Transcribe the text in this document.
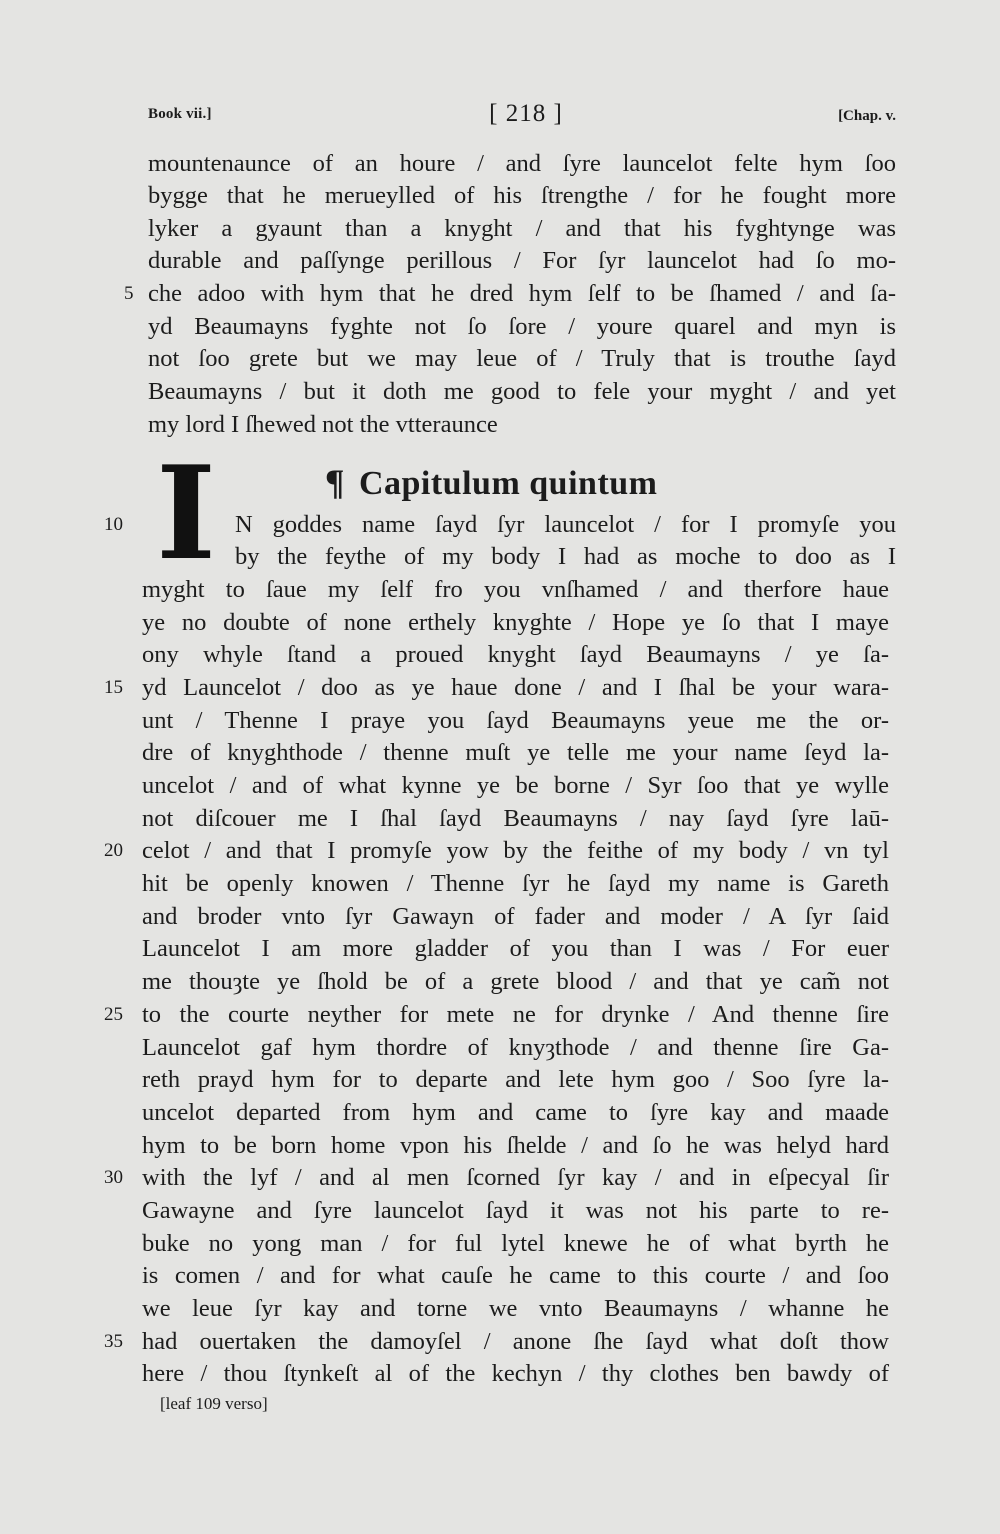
Book vii.]	[ 218 ]	[Chap. v.
¶ Capitulum quintum
I
mountenaunce of an houre / and ſyre launcelot felte hym ſoo
bygge that he merueylled of his ſtrengthe / for he fought more
lyker a gyaunt than a knyght / and that his fyghtynge was
durable and paſſynge perillous / For ſyr launcelot had ſo mo-
che adoo with hym that he dred hym ſelf to be ſhamed / and ſa-
5
yd Beaumayns fyghte not ſo ſore / youre quarel and myn is
not ſoo grete but we may leue of / Truly that is trouthe ſayd
Beaumayns / but it doth me good to fele your myght / and yet
my lord I ſhewed not the vtteraunce
N goddes name ſayd ſyr launcelot / for I promyſe you
10
by the feythe of my body I had as moche to doo as I
myght to ſaue my ſelf fro you vnſhamed / and therfore haue
ye no doubte of none erthely knyghte / Hope ye ſo that I maye
ony whyle ſtand a proued knyght ſayd Beaumayns / ye ſa-
yd Launcelot / doo as ye haue done / and I ſhal be your wara-
15
unt / Thenne I praye you ſayd Beaumayns yeue me the or-
dre of knyghthode / thenne muſt ye telle me your name ſeyd la-
uncelot / and of what kynne ye be borne / Syr ſoo that ye wylle
not diſcouer me I ſhal ſayd Beaumayns / nay ſayd ſyre laū-
celot / and that I promyſe yow by the feithe of my body / vn tyl
20
hit be openly knowen / Thenne ſyr he ſayd my name is Gareth
and broder vnto ſyr Gawayn of fader and moder / A ſyr ſaid
Launcelot I am more gladder of you than I was / For euer
me thouȝte ye ſhold be of a grete blood / and that ye cam̃ not
to the courte neyther for mete ne for drynke / And thenne ſire
25
Launcelot gaf hym thordre of knyȝthode / and thenne ſire Ga-
reth prayd hym for to departe and lete hym goo / Soo ſyre la-
uncelot departed from hym and came to ſyre kay and maade
hym to be born home vpon his ſhelde / and ſo he was helyd hard
with the lyf / and al men ſcorned ſyr kay / and in eſpecyal ſir
30
Gawayne and ſyre launcelot ſayd it was not his parte to re-
buke no yong man / for ful lytel knewe he of what byrth he
is comen / and for what cauſe he came to this courte / and ſoo
we leue ſyr kay and torne we vnto Beaumayns / whanne he
had ouertaken the damoyſel / anone ſhe ſayd what doſt thow
35
here / thou ſtynkeſt al of the kechyn / thy clothes ben bawdy of
[leaf 109 verso]
